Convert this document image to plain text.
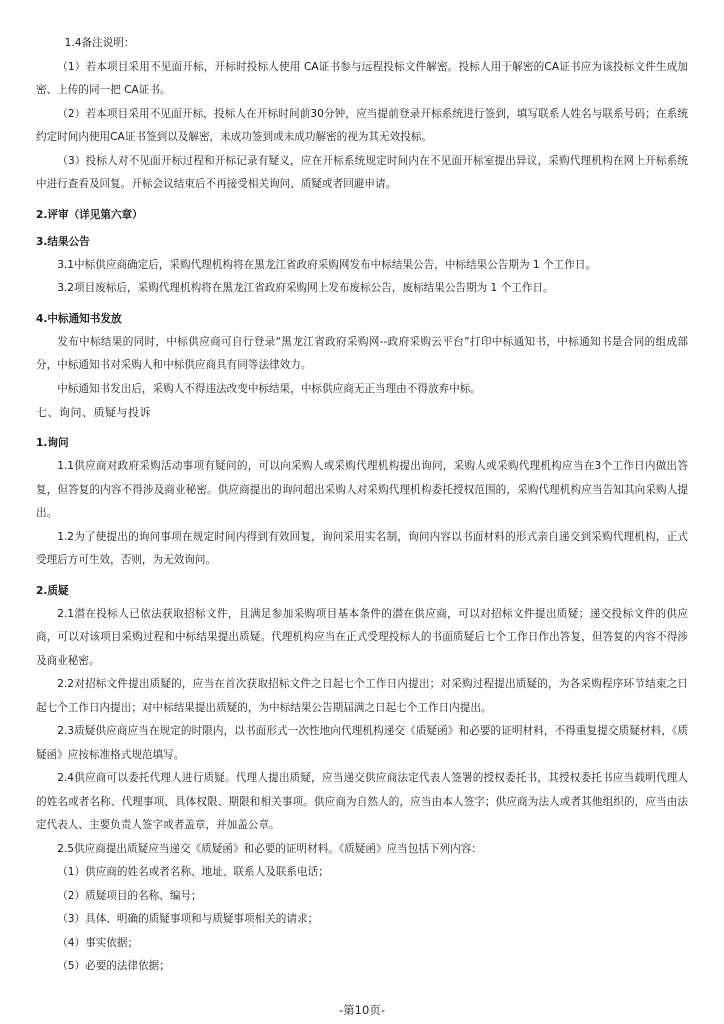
1.4备注说明：

（1）若本项目采用不见面开标，开标时投标人使用 CA证书参与远程投标文件解密。投标人用于解密的CA证书应为该投标文件生成加密、上传的同一把 CA证书。

（2）若本项目采用不见面开标，投标人在开标时间前30分钟，应当提前登录开标系统进行签到，填写联系人姓名与联系号码；在系统约定时间内使用CA证书签到以及解密，未成功签到或未成功解密的视为其无效投标。

（3）投标人对不见面开标过程和开标记录有疑义，应在开标系统规定时间内在不见面开标室提出异议，采购代理机构在网上开标系统中进行查看及回复。开标会议结束后不再接受相关询问、质疑或者回避申请。

2.评审（详见第六章）

3.结果公告

3.1中标供应商确定后，采购代理机构将在黑龙江省政府采购网发布中标结果公告，中标结果公告期为 1 个工作日。

3.2项目废标后，采购代理机构将在黑龙江省政府采购网上发布废标公告，废标结果公告期为 1 个工作日。

4.中标通知书发放

发布中标结果的同时，中标供应商可自行登录“黑龙江省政府采购网--政府采购云平台”打印中标通知书，中标通知书是合同的组成部分，中标通知书对采购人和中标供应商具有同等法律效力。

中标通知书发出后，采购人不得违法改变中标结果，中标供应商无正当理由不得放弃中标。

七、询问、质疑与投诉

1.询问

1.1供应商对政府采购活动事项有疑问的，可以向采购人或采购代理机构提出询问，采购人或采购代理机构应当在3个工作日内做出答复，但答复的内容不得涉及商业秘密。供应商提出的询问超出采购人对采购代理机构委托授权范围的，采购代理机构应当告知其向采购人提出。

1.2为了使提出的询问事项在规定时间内得到有效回复，询问采用实名制，询问内容以书面材料的形式亲自递交到采购代理机构，正式受理后方可生效，否则，为无效询问。

2.质疑

2.1潜在投标人已依法获取招标文件，且满足参加采购项目基本条件的潜在供应商，可以对招标文件提出质疑；递交投标文件的供应商，可以对该项目采购过程和中标结果提出质疑。代理机构应当在正式受理投标人的书面质疑后七个工作日作出答复，但答复的内容不得涉及商业秘密。

2.2对招标文件提出质疑的，应当在首次获取招标文件之日起七个工作日内提出；对采购过程提出质疑的，为各采购程序环节结束之日起七个工作日内提出；对中标结果提出质疑的，为中标结果公告期届满之日起七个工作日内提出。

2.3质疑供应商应当在规定的时限内，以书面形式一次性地向代理机构递交《质疑函》和必要的证明材料，不得重复提交质疑材料，《质疑函》应按标准格式规范填写。

2.4供应商可以委托代理人进行质疑。代理人提出质疑，应当递交供应商法定代表人签署的授权委托书，其授权委托书应当载明代理人的姓名或者名称、代理事项、具体权限、期限和相关事项。供应商为自然人的，应当由本人签字；供应商为法人或者其他组织的，应当由法定代表人、主要负责人签字或者盖章，并加盖公章。

2.5供应商提出质疑应当递交《质疑函》和必要的证明材料。《质疑函》应当包括下列内容：

（1）供应商的姓名或者名称、地址、联系人及联系电话；

（2）质疑项目的名称、编号；

（3）具体、明确的质疑事项和与质疑事项相关的请求；

（4）事实依据；

（5）必要的法律依据；

-第10页-
